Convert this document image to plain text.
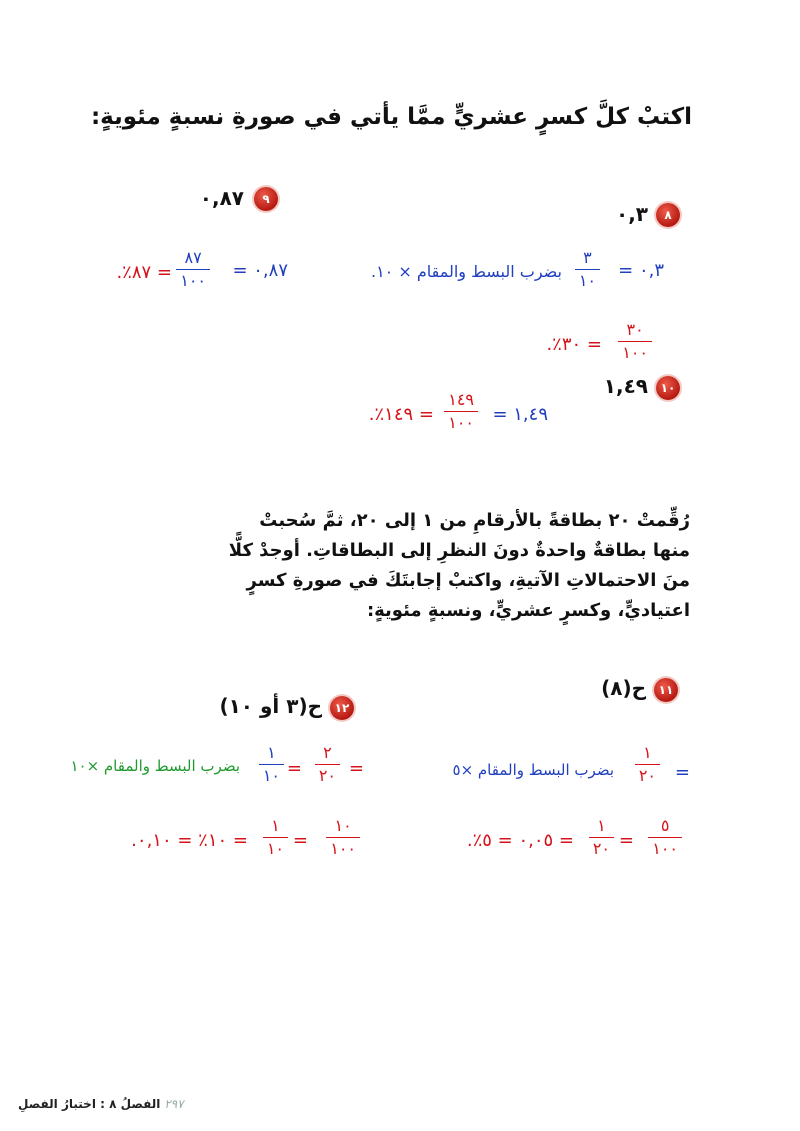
اكتبْ كلَّ كسرٍ عشريٍّ ممَّا يأتي في صورةِ نسبةٍ مئويةٍ:
٨
٠,٣
٠,٣ =
٣
١٠
بضرب البسط والمقام × ١٠.
٣٠
١٠٠
= ٣٠٪.
٩
٠,٨٧
٠,٨٧ =
٨٧
١٠٠
= ٨٧٪.
١٠
١,٤٩
١,٤٩ =
١٤٩
١٠٠
= ١٤٩٪.
رُقِّمتْ ٢٠ بطاقةً بالأرقامِ من ١ إلى ٢٠، ثمَّ سُحبتْ
منها بطاقةٌ واحدةٌ دونَ النظرِ إلى البطاقاتِ. أوجدْ كلًّا
منَ الاحتمالاتِ الآتيةِ، واكتبْ إجابتَكَ في صورةِ كسرٍ
اعتياديٍّ، وكسرٍ عشريٍّ، ونسبةٍ مئويةٍ:
١١
ح(٨)
=
١
٢٠
بضرب البسط والمقام ×٥
٥
١٠٠
=
١
٢٠
= ٠,٠٥ = ٥٪.
١٢
ح(٣ أو ١٠)
=
٢
٢٠
=
١
١٠
بضرب البسط والمقام ×١٠
١٠
١٠٠
=
١
١٠
= ١٠٪ = ٠,١٠.
٢٩٧ الفصلُ ٨ : اختبارُ الفصلِ
